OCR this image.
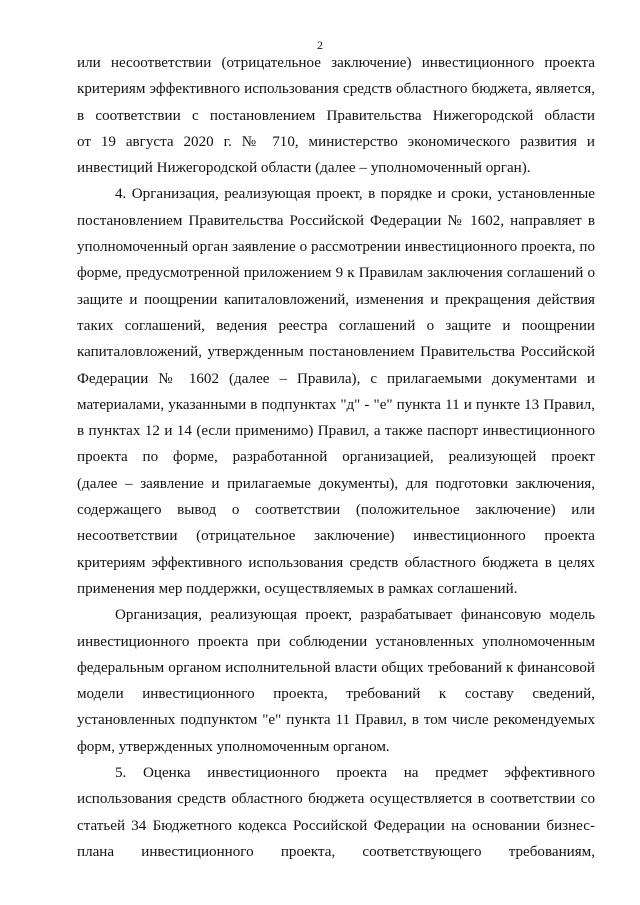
2

или несоответствии (отрицательное заключение) инвестиционного проекта
критериям эффективного использования средств областного бюджета, является,
в соответствии с постановлением Правительства Нижегородской области
от 19 августа 2020 г. № 710, министерство экономического развития и
инвестиций Нижегородской области (далее – уполномоченный орган).

4. Организация, реализующая проект, в порядке и сроки, установленные
постановлением Правительства Российской Федерации № 1602, направляет в
уполномоченный орган заявление о рассмотрении инвестиционного проекта, по
форме, предусмотренной приложением 9 к Правилам заключения соглашений о
защите и поощрении капиталовложений, изменения и прекращения действия
таких соглашений, ведения реестра соглашений о защите и поощрении
капиталовложений, утвержденным постановлением Правительства Российской
Федерации № 1602 (далее – Правила), с прилагаемыми документами и
материалами, указанными в подпунктах "д" - "е" пункта 11 и пункте 13 Правил,
в пунктах 12 и 14 (если применимо) Правил, а также паспорт инвестиционного
проекта по форме, разработанной организацией, реализующей проект
(далее – заявление и прилагаемые документы), для подготовки заключения,
содержащего вывод о соответствии (положительное заключение) или
несоответствии (отрицательное заключение) инвестиционного проекта
критериям эффективного использования средств областного бюджета в целях
применения мер поддержки, осуществляемых в рамках соглашений.

Организация, реализующая проект, разрабатывает финансовую модель
инвестиционного проекта при соблюдении установленных уполномоченным
федеральным органом исполнительной власти общих требований к финансовой
модели инвестиционного проекта, требований к составу сведений,
установленных подпунктом "е" пункта 11 Правил, в том числе рекомендуемых
форм, утвержденных уполномоченным органом.

5. Оценка инвестиционного проекта на предмет эффективного
использования средств областного бюджета осуществляется в соответствии со
статьей 34 Бюджетного кодекса Российской Федерации на основании бизнес-
плана инвестиционного проекта, соответствующего требованиям,
